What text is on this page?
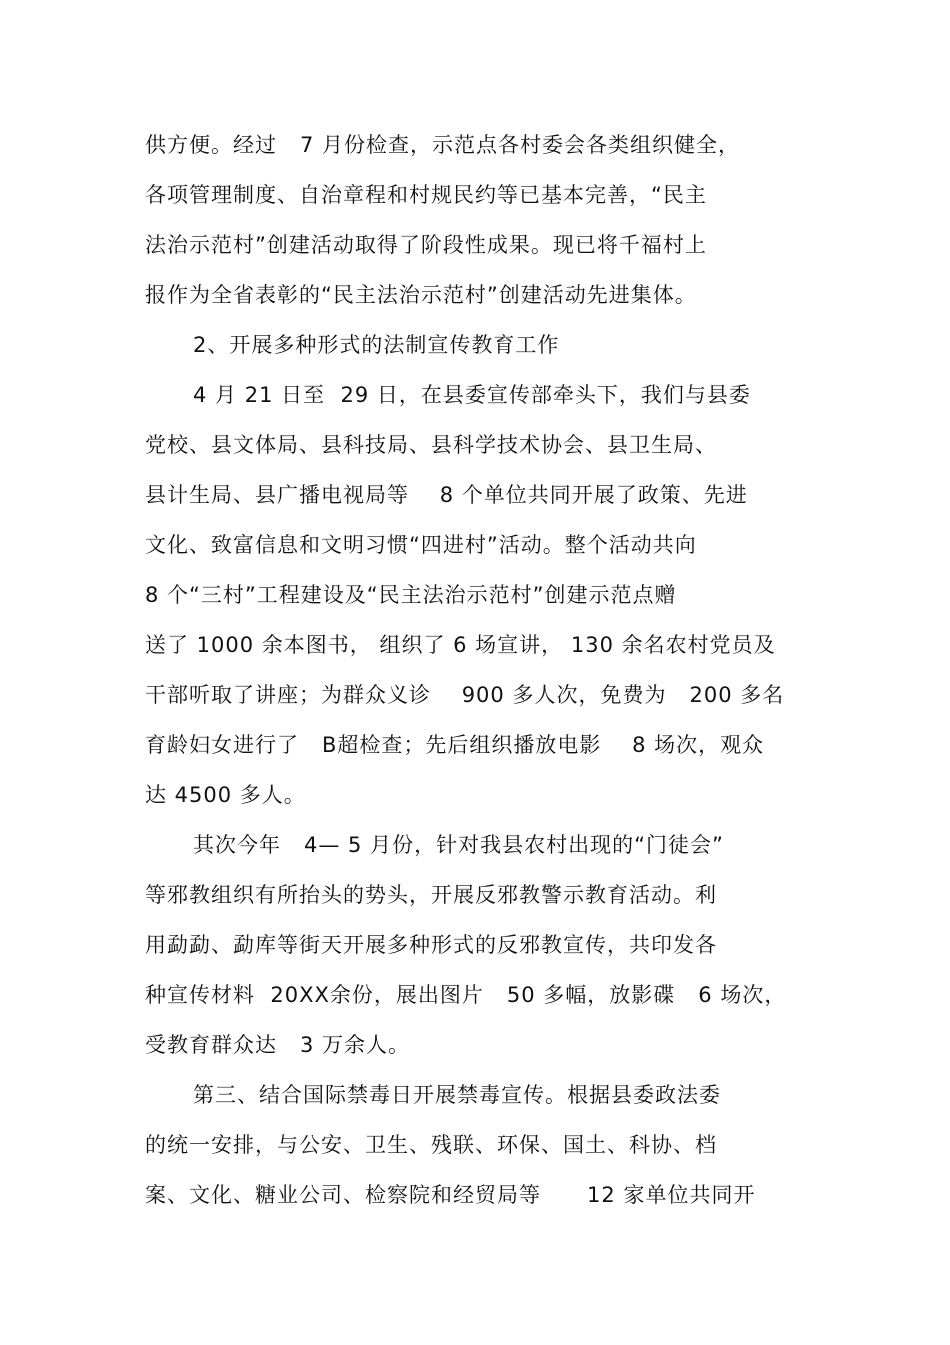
供方便。经过   7 月份检查，示范点各村委会各类组织健全，

各项管理制度、自治章程和村规民约等已基本完善，“民主

法治示范村”创建活动取得了阶段性成果。现已将千福村上

报作为全省表彰的“民主法治示范村”创建活动先进集体。

2、开展多种形式的法制宣传教育工作

4 月 21 日至  29 日，在县委宣传部牵头下，我们与县委

党校、县文体局、县科技局、县科学技术协会、县卫生局、

县计生局、县广播电视局等    8 个单位共同开展了政策、先进

文化、致富信息和文明习惯“四进村”活动。整个活动共向

8 个“三村”工程建设及“民主法治示范村”创建示范点赠

送了 1000 余本图书， 组织了 6 场宣讲， 130 余名农村党员及

干部听取了讲座；为群众义诊    900 多人次，免费为   200 多名

育龄妇女进行了   B超检查；先后组织播放电影    8 场次，观众

达 4500 多人。

其次今年   4— 5 月份，针对我县农村出现的“门徒会”

等邪教组织有所抬头的势头，开展反邪教警示教育活动。利

用勐勐、勐库等街天开展多种形式的反邪教宣传，共印发各

种宣传材料  20XX余份，展出图片   50 多幅，放影碟   6 场次，

受教育群众达   3 万余人。

第三、结合国际禁毒日开展禁毒宣传。根据县委政法委

的统一安排，与公安、卫生、残联、环保、国土、科协、档

案、文化、糖业公司、检察院和经贸局等      12 家单位共同开
